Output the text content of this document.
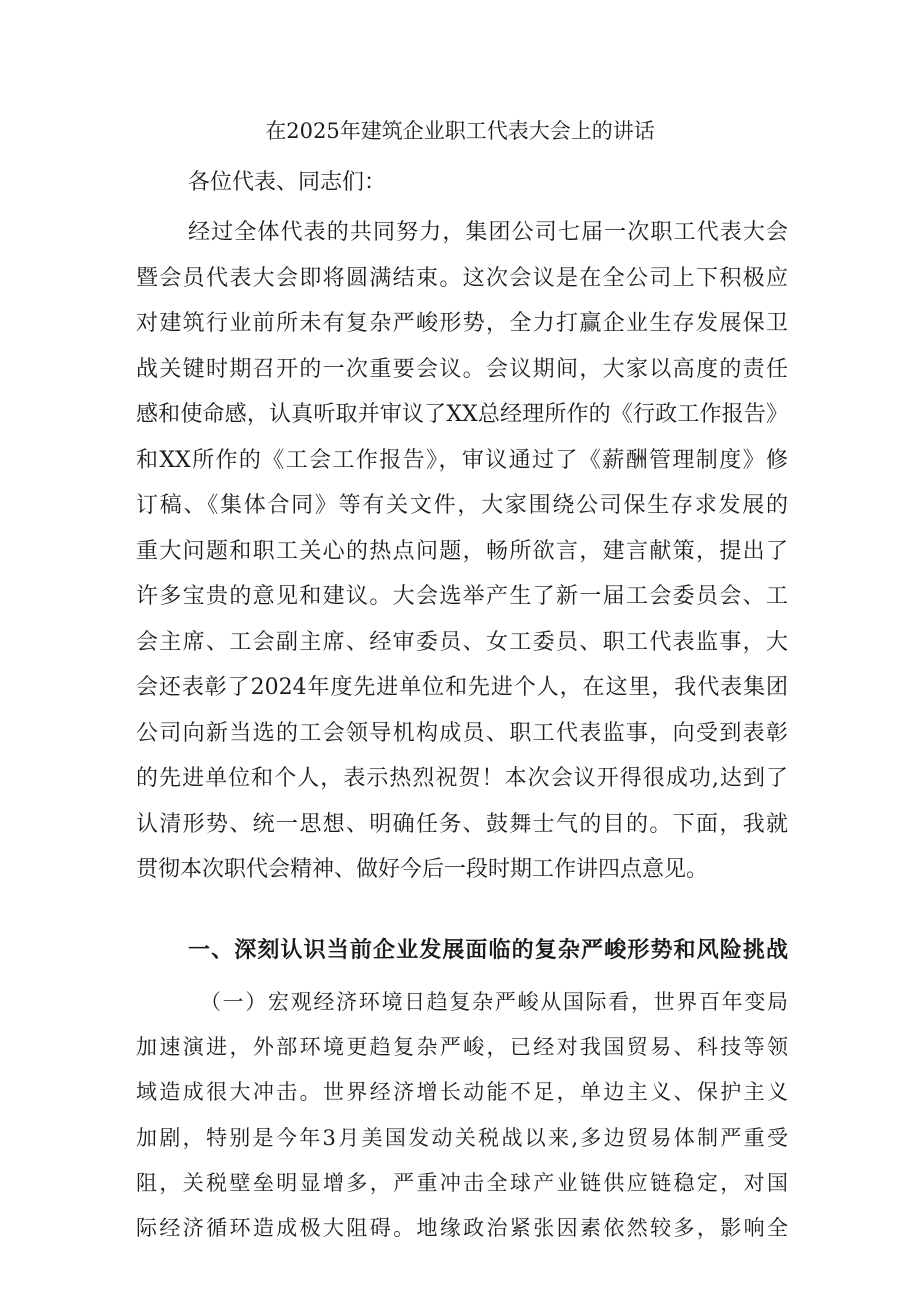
在2025年建筑企业职工代表大会上的讲话

各位代表、同志们：

经过全体代表的共同努力，集团公司七届一次职工代表大会
暨会员代表大会即将圆满结束。这次会议是在全公司上下积极应
对建筑行业前所未有复杂严峻形势，全力打赢企业生存发展保卫
战关键时期召开的一次重要会议。会议期间，大家以高度的责任
感和使命感，认真听取并审议了XX总经理所作的《行政工作报告》
和XX所作的《工会工作报告》，审议通过了《薪酬管理制度》修
订稿、《集体合同》等有关文件，大家围绕公司保生存求发展的
重大问题和职工关心的热点问题，畅所欲言，建言献策，提出了
许多宝贵的意见和建议。大会选举产生了新一届工会委员会、工
会主席、工会副主席、经审委员、女工委员、职工代表监事，大
会还表彰了2024年度先进单位和先进个人，在这里，我代表集团
公司向新当选的工会领导机构成员、职工代表监事，向受到表彰
的先进单位和个人，表示热烈祝贺！本次会议开得很成功,达到了
认清形势、统一思想、明确任务、鼓舞士气的目的。下面，我就
贯彻本次职代会精神、做好今后一段时期工作讲四点意见。
一、深刻认识当前企业发展面临的复杂严峻形势和风险挑战
（一）宏观经济环境日趋复杂严峻从国际看，世界百年变局
加速演进，外部环境更趋复杂严峻，已经对我国贸易、科技等领
域造成很大冲击。世界经济增长动能不足，单边主义、保护主义
加剧，特别是今年3月美国发动关税战以来,多边贸易体制严重受
阻，关税壁垒明显增多，严重冲击全球产业链供应链稳定，对国
际经济循环造成极大阻碍。地缘政治紧张因素依然较多，影响全
